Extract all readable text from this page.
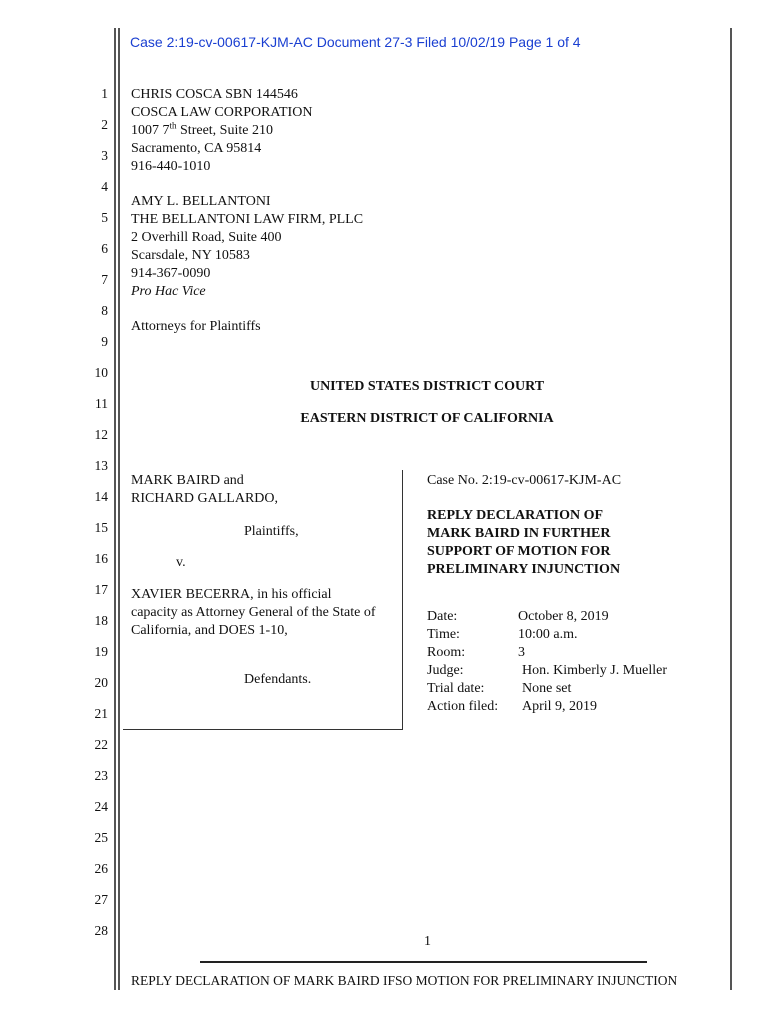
Case 2:19-cv-00617-KJM-AC Document 27-3 Filed 10/02/19 Page 1 of 4
1
2
3
4
5
6
7
8
9
10
11
12
13
14
15
16
17
18
19
20
21
22
23
24
25
26
27
28
CHRIS COSCA SBN 144546
COSCA LAW CORPORATION
1007 7th Street, Suite 210
Sacramento, CA 95814
916-440-1010
AMY L. BELLANTONI
THE BELLANTONI LAW FIRM, PLLC
2 Overhill Road, Suite 400
Scarsdale, NY 10583
914-367-0090
Pro Hac Vice
Attorneys for Plaintiffs
UNITED STATES DISTRICT COURT
EASTERN DISTRICT OF CALIFORNIA
MARK BAIRD and
RICHARD GALLARDO,
Plaintiffs,
v.
XAVIER BECERRA, in his official
capacity as Attorney General of the State of
California, and DOES 1-10,
Defendants.
Case No. 2:19-cv-00617-KJM-AC
REPLY DECLARATION OF
MARK BAIRD IN FURTHER
SUPPORT OF MOTION FOR
PRELIMINARY INJUNCTION
Date:	October 8, 2019
Time:	10:00 a.m.
Room:	3
Judge:	Hon. Kimberly J. Mueller
Trial date:	None set
Action filed: April 9, 2019
1
REPLY DECLARATION OF MARK BAIRD IFSO MOTION FOR PRELIMINARY INJUNCTION
